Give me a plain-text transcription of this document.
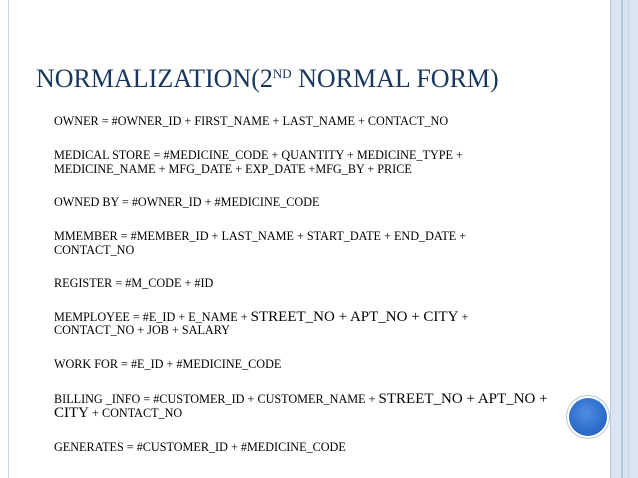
NORMALIZATION(2ND NORMAL FORM)
OWNER = #OWNER_ID + FIRST_NAME + LAST_NAME + CONTACT_NO
MEDICAL STORE = #MEDICINE_CODE + QUANTITY + MEDICINE_TYPE +
MEDICINE_NAME + MFG_DATE + EXP_DATE +MFG_BY + PRICE
OWNED BY = #OWNER_ID + #MEDICINE_CODE
MMEMBER = #MEMBER_ID + LAST_NAME + START_DATE + END_DATE +
CONTACT_NO
REGISTER = #M_CODE + #ID
MEMPLOYEE = #E_ID + E_NAME + STREET_NO + APT_NO + CITY +
CONTACT_NO + JOB + SALARY
WORK FOR = #E_ID + #MEDICINE_CODE
BILLING _INFO = #CUSTOMER_ID + CUSTOMER_NAME + STREET_NO + APT_NO +
CITY + CONTACT_NO
GENERATES = #CUSTOMER_ID + #MEDICINE_CODE
